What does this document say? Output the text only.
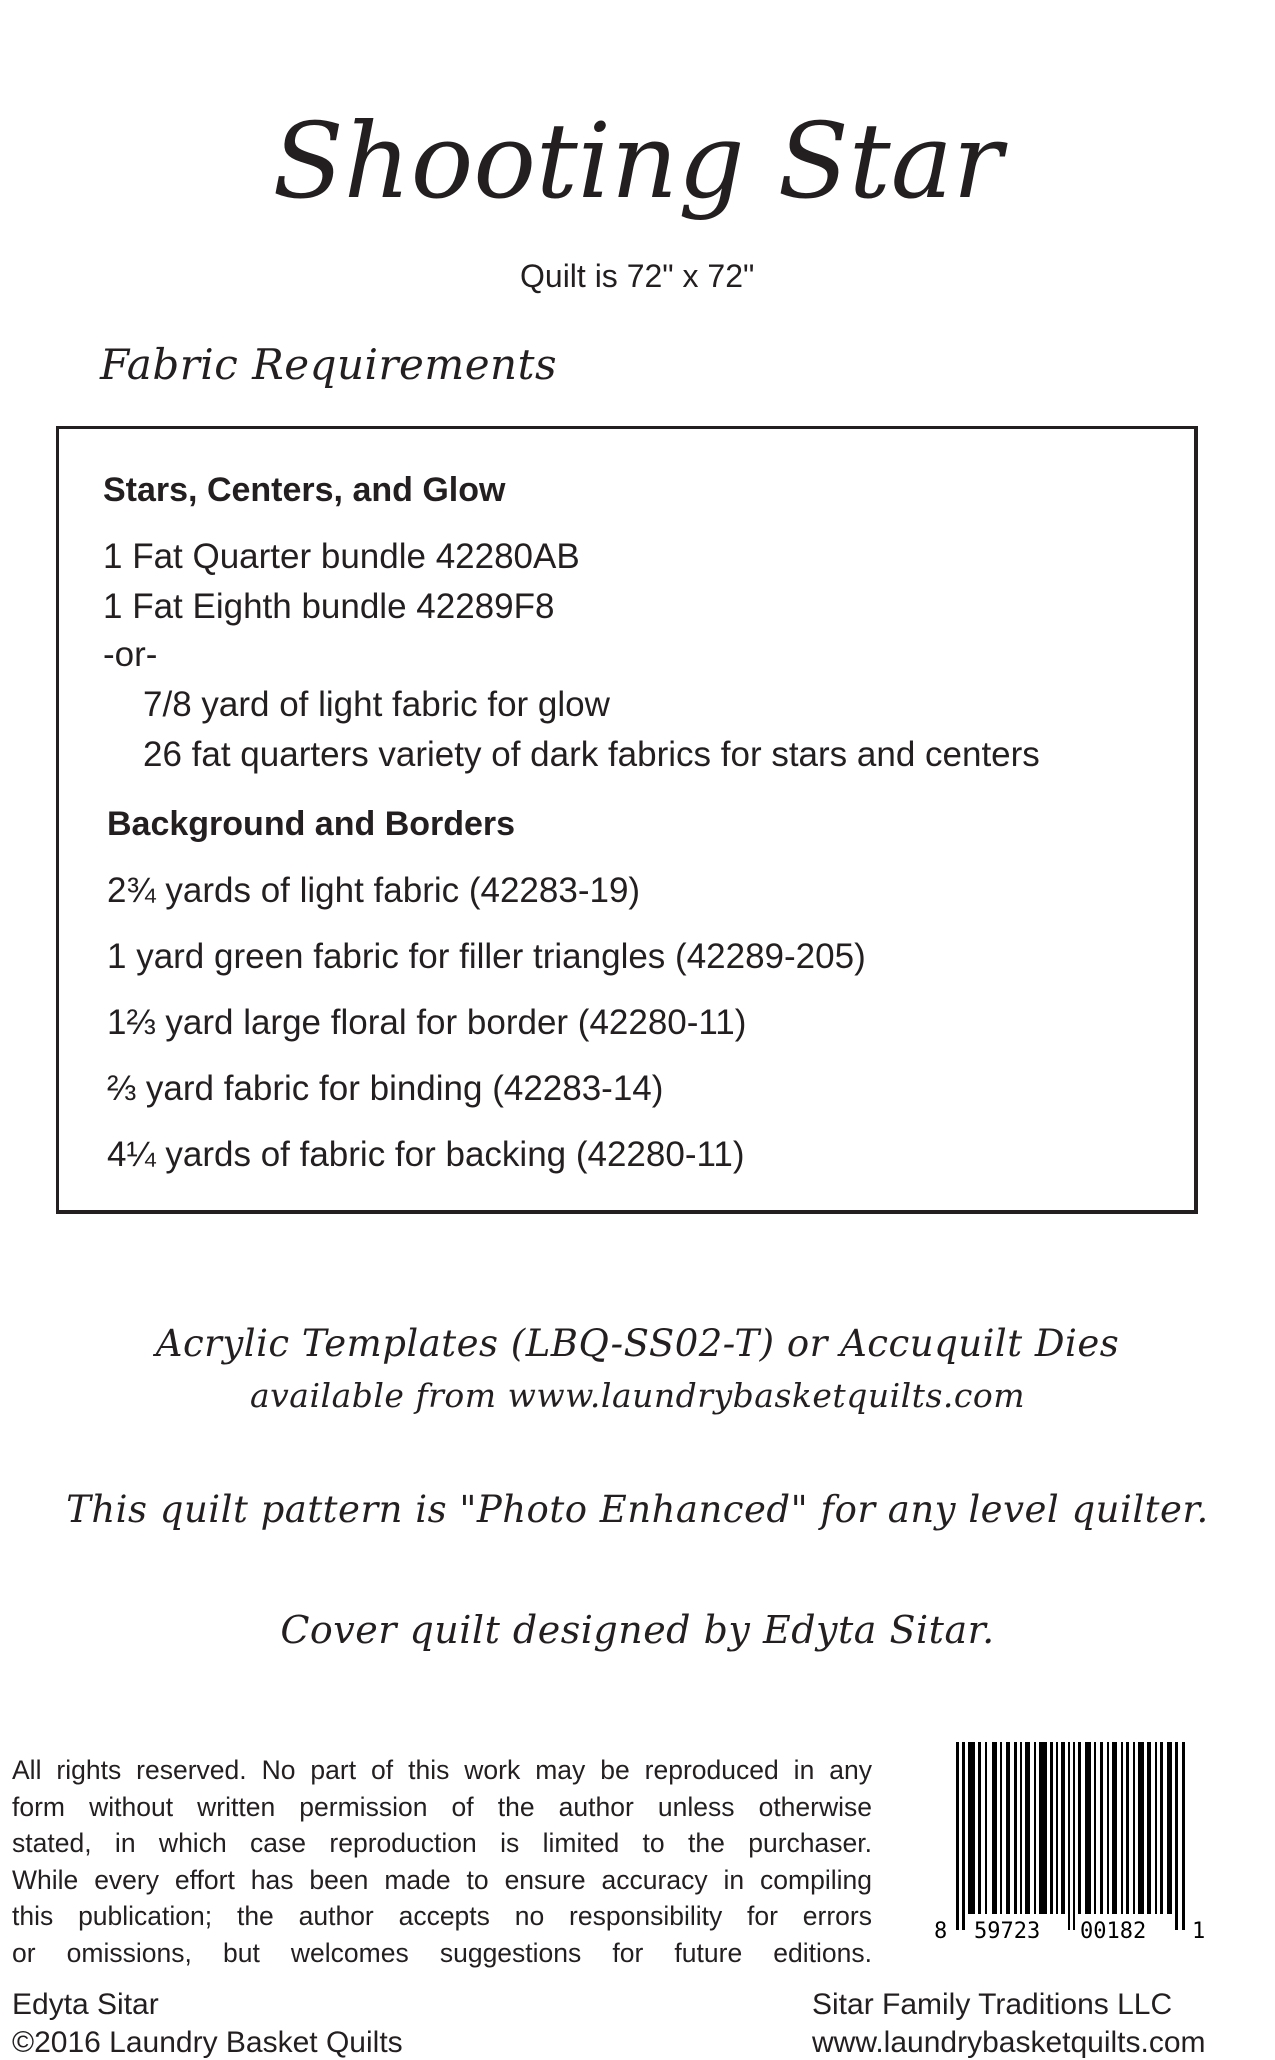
Shooting Star
Quilt is 72" x 72"
Fabric Requirements
Stars, Centers, and Glow
1 Fat Quarter bundle 42280AB
1 Fat Eighth bundle 42289F8
-or-
7/8 yard of light fabric for glow
26 fat quarters variety of dark fabrics for stars and centers
Background and Borders
2¾ yards of light fabric (42283-19)
1 yard green fabric for filler triangles (42289-205)
1⅔ yard large floral for border (42280-11)
⅔ yard fabric for binding (42283-14)
4¼ yards of fabric for backing (42280-11)
Acrylic Templates (LBQ-SS02-T) or Accuquilt Dies
available from www.laundrybasketquilts.com
This quilt pattern is "Photo Enhanced" for any level quilter.
Cover quilt designed by Edyta Sitar.
All rights reserved. No part of this work may be reproduced in any
form without written permission of the author unless otherwise
stated, in which case reproduction is limited to the purchaser.
While every effort has been made to ensure accuracy in compiling
this publication; the author accepts no responsibility for errors
or omissions, but welcomes suggestions for future editions.
8 59723 00182 1
Edyta Sitar
©2016 Laundry Basket Quilts
Sitar Family Traditions LLC
www.laundrybasketquilts.com
